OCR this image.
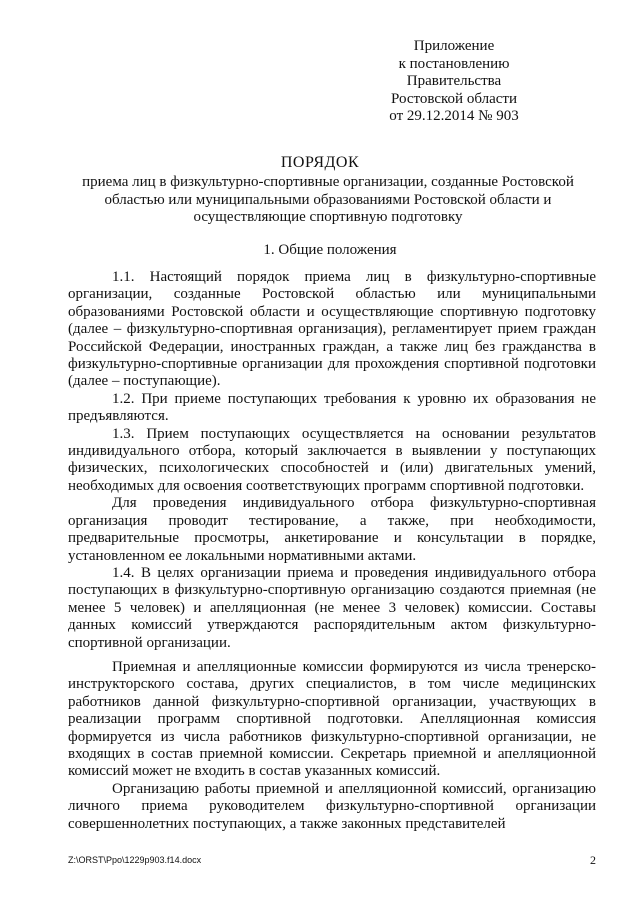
Приложение
к постановлению
Правительства
Ростовской области
от 29.12.2014 № 903
ПОРЯДОК
приема лиц в физкультурно-спортивные организации, созданные Ростовской областью или муниципальными образованиями Ростовской области и осуществляющие спортивную подготовку
1. Общие положения

1.1. Настоящий порядок приема лиц в физкультурно-спортивные организации, созданные Ростовской областью или муниципальными образованиями Ростовской области и осуществляющие спортивную подготовку (далее – физкультурно-спортивная организация), регламентирует прием граждан Российской Федерации, иностранных граждан, а также лиц без гражданства в физкультурно-спортивные организации для прохождения спортивной подготовки (далее – поступающие).

1.2. При приеме поступающих требования к уровню их образования не предъявляются.

1.3. Прием поступающих осуществляется на основании результатов индивидуального отбора, который заключается в выявлении у поступающих физических, психологических способностей и (или) двигательных умений, необходимых для освоения соответствующих программ спортивной подготовки.

Для проведения индивидуального отбора физкультурно-спортивная организация проводит тестирование, а также, при необходимости, предварительные просмотры, анкетирование и консультации в порядке, установленном ее локальными нормативными актами.

1.4. В целях организации приема и проведения индивидуального отбора поступающих в физкультурно-спортивную организацию создаются приемная (не менее 5 человек) и апелляционная (не менее 3 человек) комиссии. Составы данных комиссий утверждаются распорядительным актом физкультурно-спортивной организации.

Приемная и апелляционные комиссии формируются из числа тренерско-инструкторского состава, других специалистов, в том числе медицинских работников данной физкультурно-спортивной организации, участвующих в реализации программ спортивной подготовки. Апелляционная комиссия формируется из числа работников физкультурно-спортивной организации, не входящих в состав приемной комиссии. Секретарь приемной и апелляционной комиссий может не входить в состав указанных комиссий.

Организацию работы приемной и апелляционной комиссий, организацию личного приема руководителем физкультурно-спортивной организации совершеннолетних поступающих, а также законных представителей

Z:\ORST\Ppo\1229p903.f14.docx	2
